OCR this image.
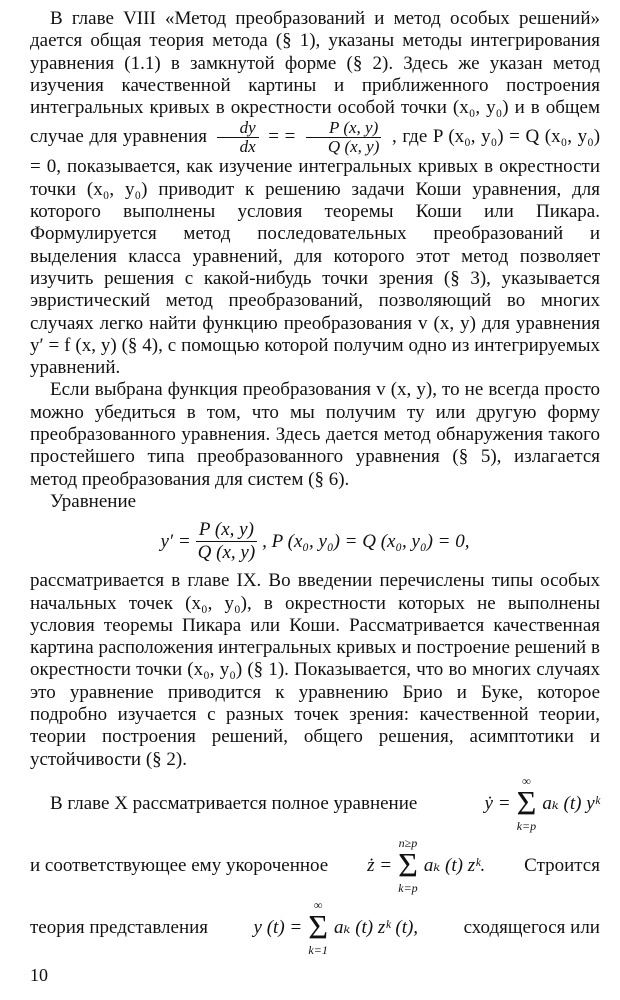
В главе VIII «Метод преобразований и метод особых решений» дается общая теория метода (§ 1), указаны методы интегрирования уравнения (1.1) в замкнутой форме (§ 2). Здесь же указан метод изучения качественной картины и приближенного построения интегральных кривых в окрестности особой точки (x₀, y₀) и в общем случае для уравнения $\frac{dy}{dx}$ = = $\frac{P (x, y)}{Q (x, y)}$ , где P (x₀, y₀) = Q (x₀, y₀) = 0, показывается, как изучение интегральных кривых в окрестности точки (x₀, y₀) приводит к решению задачи Коши уравнения, для которого выполнены условия теоремы Коши или Пикара. Формулируется метод последовательных преобразований и выделения класса уравнений, для которого этот метод позволяет изучить решения с какой-нибудь точки зрения (§ 3), указывается эвристический метод преобразований, позволяющий во многих случаях легко найти функцию преобразования v (x, y) для уравнения y′ = f (x, y) (§ 4), с помощью которой получим одно из интегрируемых уравнений.

Если выбрана функция преобразования v (x, y), то не всегда просто можно убедиться в том, что мы получим ту или другую форму преобразованного уравнения. Здесь дается метод обнаружения такого простейшего типа преобразованного уравнения (§ 5), излагается метод преобразования для систем (§ 6).

Уравнение

$y' = \frac{P (x, y)}{Q (x, y)}$ , P (x₀, y₀) = Q (x₀, y₀) = 0,

рассматривается в главе IX. Во введении перечислены типы особых начальных точек (x₀, y₀), в окрестности которых не выполнены условия теоремы Пикара или Коши. Рассматривается качественная картина расположения интегральных кривых и построение решений в окрестности точки (x₀, y₀) (§ 1). Показывается, что во многих случаях это уравнение приводится к уравнению Брио и Буке, которое подробно изучается с разных точек зрения: качественной теории, теории построения решений, общего решения, асимптотики и устойчивости (§ 2).

В главе X рассматривается полное уравнение	ẏ =
∞
Σ
k=p
aₖ (t) yᵏ
и соответствующее ему укороченное ż =
n≥p
Σ
k=p
aₖ (t) zᵏ. Строится
теория представления y (t) =
∞
Σ
k=1
aₖ (t) zᵏ (t), сходящегося или
10
